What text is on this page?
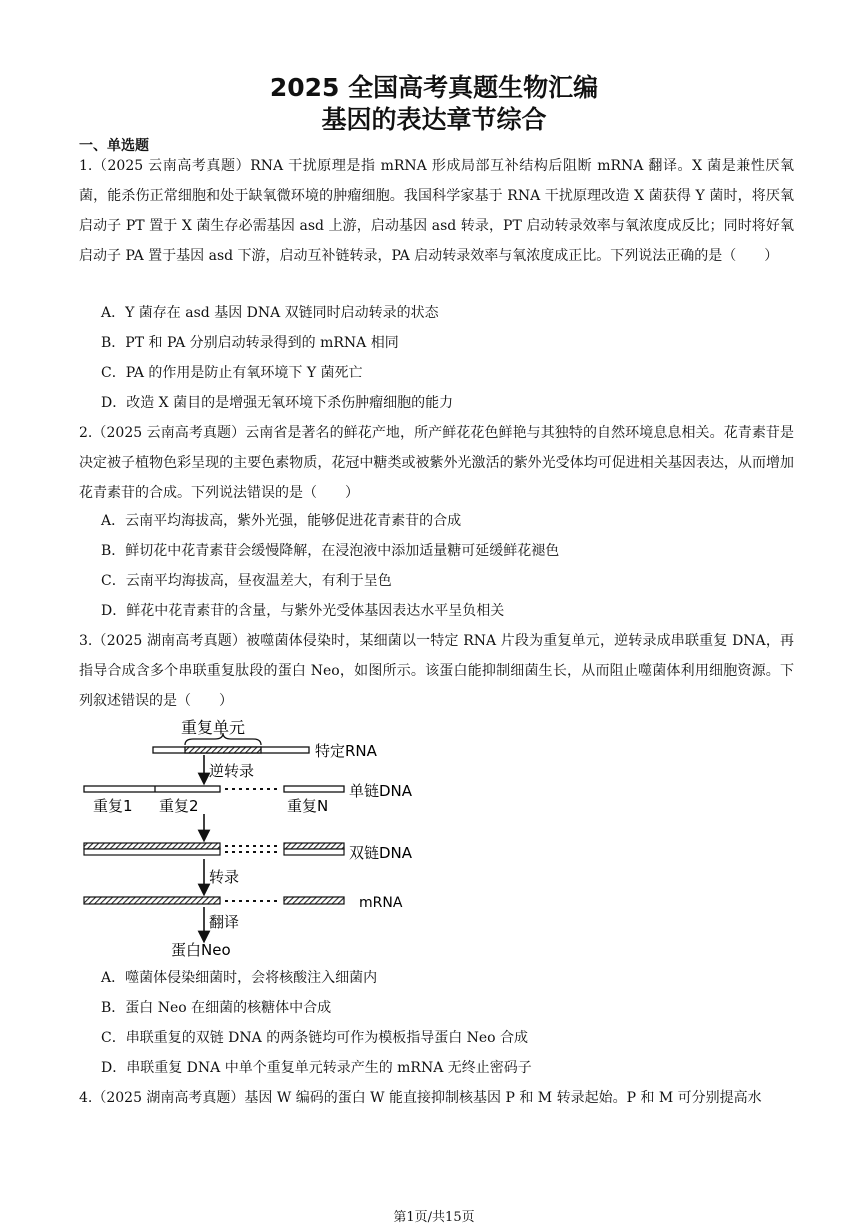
2025 全国高考真题生物汇编
基因的表达章节综合
一、单选题
1.（2025 云南高考真题）RNA 干扰原理是指 mRNA 形成局部互补结构后阻断 mRNA 翻译。X 菌是兼性厌氧菌，能杀伤正常细胞和处于缺氧微环境的肿瘤细胞。我国科学家基于 RNA 干扰原理改造 X 菌获得 Y 菌时，将厌氧启动子 PT 置于 X 菌生存必需基因 asd 上游，启动基因 asd 转录，PT 启动转录效率与氧浓度成反比；同时将好氧启动子 PA 置于基因 asd 下游，启动互补链转录，PA 启动转录效率与氧浓度成正比。下列说法正确的是（　　）
A．Y 菌存在 asd 基因 DNA 双链同时启动转录的状态
B．PT 和 PA 分别启动转录得到的 mRNA 相同
C．PA 的作用是防止有氧环境下 Y 菌死亡
D．改造 X 菌目的是增强无氧环境下杀伤肿瘤细胞的能力
2.（2025 云南高考真题）云南省是著名的鲜花产地，所产鲜花花色鲜艳与其独特的自然环境息息相关。花青素苷是决定被子植物色彩呈现的主要色素物质，花冠中糖类或被紫外光激活的紫外光受体均可促进相关基因表达，从而增加花青素苷的合成。下列说法错误的是（　　）
A．云南平均海拔高，紫外光强，能够促进花青素苷的合成
B．鲜切花中花青素苷会缓慢降解，在浸泡液中添加适量糖可延缓鲜花褪色
C．云南平均海拔高，昼夜温差大，有利于呈色
D．鲜花中花青素苷的含量，与紫外光受体基因表达水平呈负相关
3.（2025 湖南高考真题）被噬菌体侵染时，某细菌以一特定 RNA 片段为重复单元，逆转录成串联重复 DNA，再指导合成含多个串联重复肽段的蛋白 Neo，如图所示。该蛋白能抑制细菌生长，从而阻止噬菌体利用细胞资源。下列叙述错误的是（　　）
重复单元
特定RNA
逆转录
单链DNA
重复1 重复2	重复N
双链DNA
转录
mRNA
翻译
蛋白Neo
A．噬菌体侵染细菌时，会将核酸注入细菌内
B．蛋白 Neo 在细菌的核糖体中合成
C．串联重复的双链 DNA 的两条链均可作为模板指导蛋白 Neo 合成
D．串联重复 DNA 中单个重复单元转录产生的 mRNA 无终止密码子
4.（2025 湖南高考真题）基因 W 编码的蛋白 W 能直接抑制核基因 P 和 M 转录起始。P 和 M 可分别提高水
第1页/共15页
